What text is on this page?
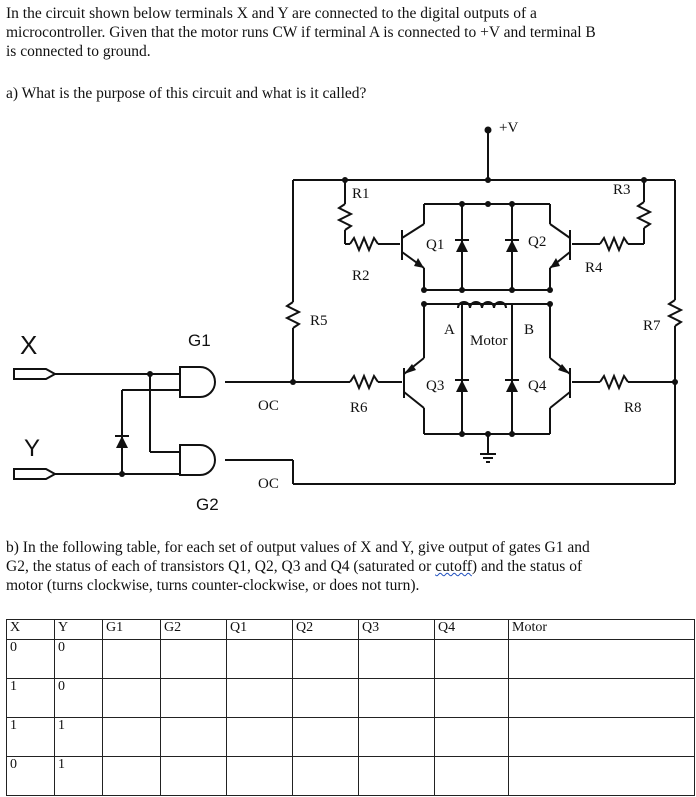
In the circuit shown below terminals X and Y are connected to the digital outputs of a
microcontroller. Given that the motor runs CW if terminal A is connected to +V and terminal B
is connected to ground.
a) What is the purpose of this circuit and what is it called?
+V
R1	R3
R2	R4
Q1	Q2
R5	R7
A	B
Motor
Q3	Q4
R6	R8
OC
OC
G1
G2
X
Y
b) In the following table, for each set of output values of X and Y, give output of gates G1 and
G2, the status of each of transistors Q1, Q2, Q3 and Q4 (saturated or cutoff) and the status of
motor (turns clockwise, turns counter-clockwise, or does not turn).
X	Y	G1	G2	Q1	Q2	Q3	Q4	Motor
0	0							
1	0							
1	1							
0	1							
